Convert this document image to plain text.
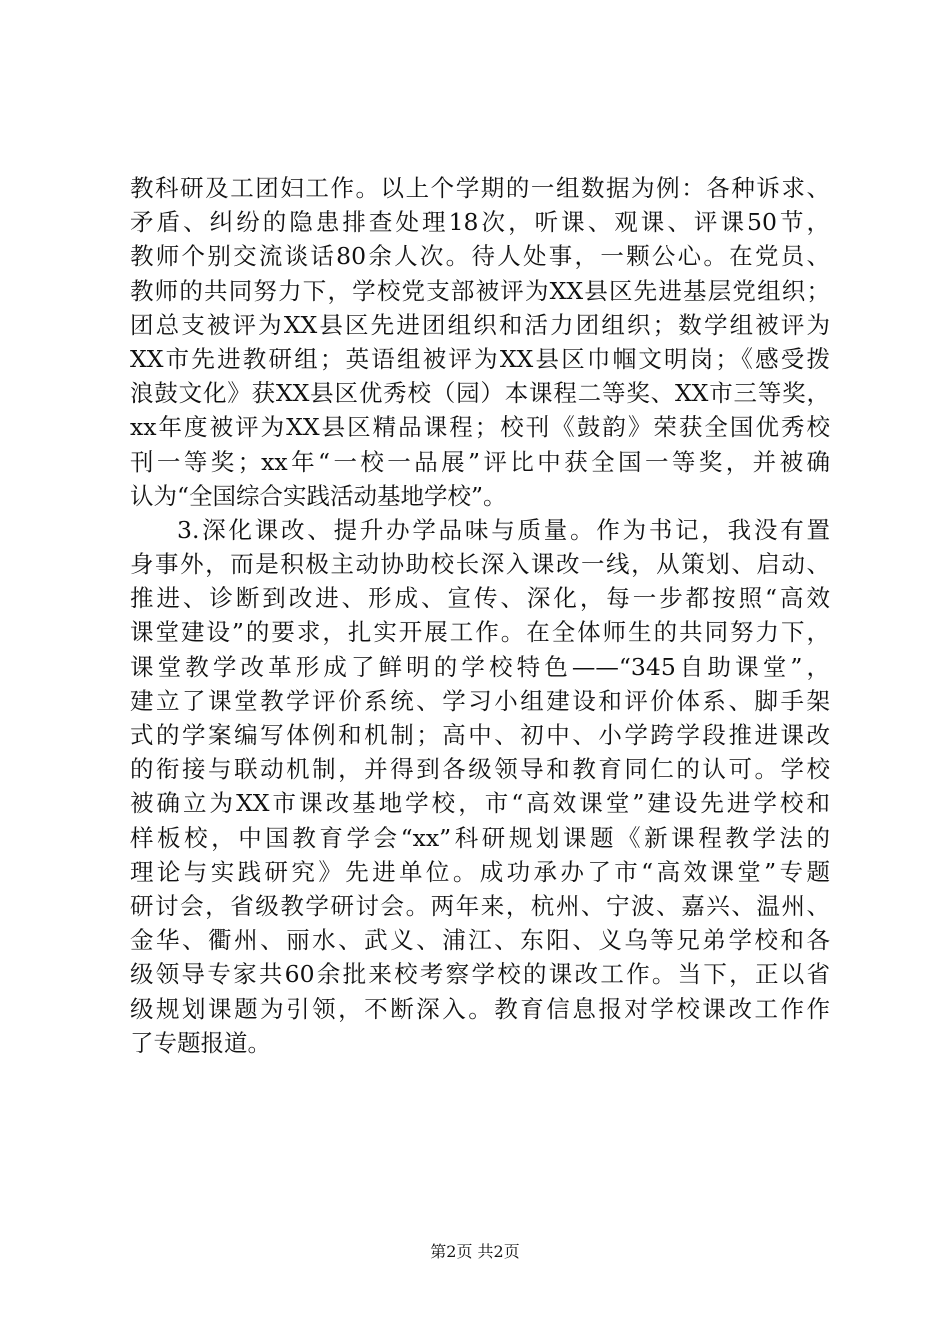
教科研及工团妇工作。以上个学期的一组数据为例：各种诉求、
矛盾、纠纷的隐患排查处理18次，听课、观课、评课50节，
教师个别交流谈话80余人次。待人处事，一颗公心。在党员、
教师的共同努力下，学校党支部被评为XX县区先进基层党组织；
团总支被评为XX县区先进团组织和活力团组织；数学组被评为
XX市先进教研组；英语组被评为XX县区巾帼文明岗；《感受拨
浪鼓文化》获XX县区优秀校（园）本课程二等奖、XX市三等奖，
xx年度被评为XX县区精品课程；校刊《鼓韵》荣获全国优秀校
刊一等奖；xx年“一校一品展”评比中获全国一等奖，并被确
认为“全国综合实践活动基地学校”。
3.深化课改、提升办学品味与质量。作为书记，我没有置
身事外，而是积极主动协助校长深入课改一线，从策划、启动、
推进、诊断到改进、形成、宣传、深化，每一步都按照“高效
课堂建设”的要求，扎实开展工作。在全体师生的共同努力下，
课堂教学改革形成了鲜明的学校特色——“345自助课堂”，
建立了课堂教学评价系统、学习小组建设和评价体系、脚手架
式的学案编写体例和机制；高中、初中、小学跨学段推进课改
的衔接与联动机制，并得到各级领导和教育同仁的认可。学校
被确立为XX市课改基地学校，市“高效课堂”建设先进学校和
样板校，中国教育学会“xx”科研规划课题《新课程教学法的
理论与实践研究》先进单位。成功承办了市“高效课堂”专题
研讨会，省级教学研讨会。两年来，杭州、宁波、嘉兴、温州、
金华、衢州、丽水、武义、浦江、东阳、义乌等兄弟学校和各
级领导专家共60余批来校考察学校的课改工作。当下，正以省
级规划课题为引领，不断深入。教育信息报对学校课改工作作
了专题报道。
第2页 共2页
